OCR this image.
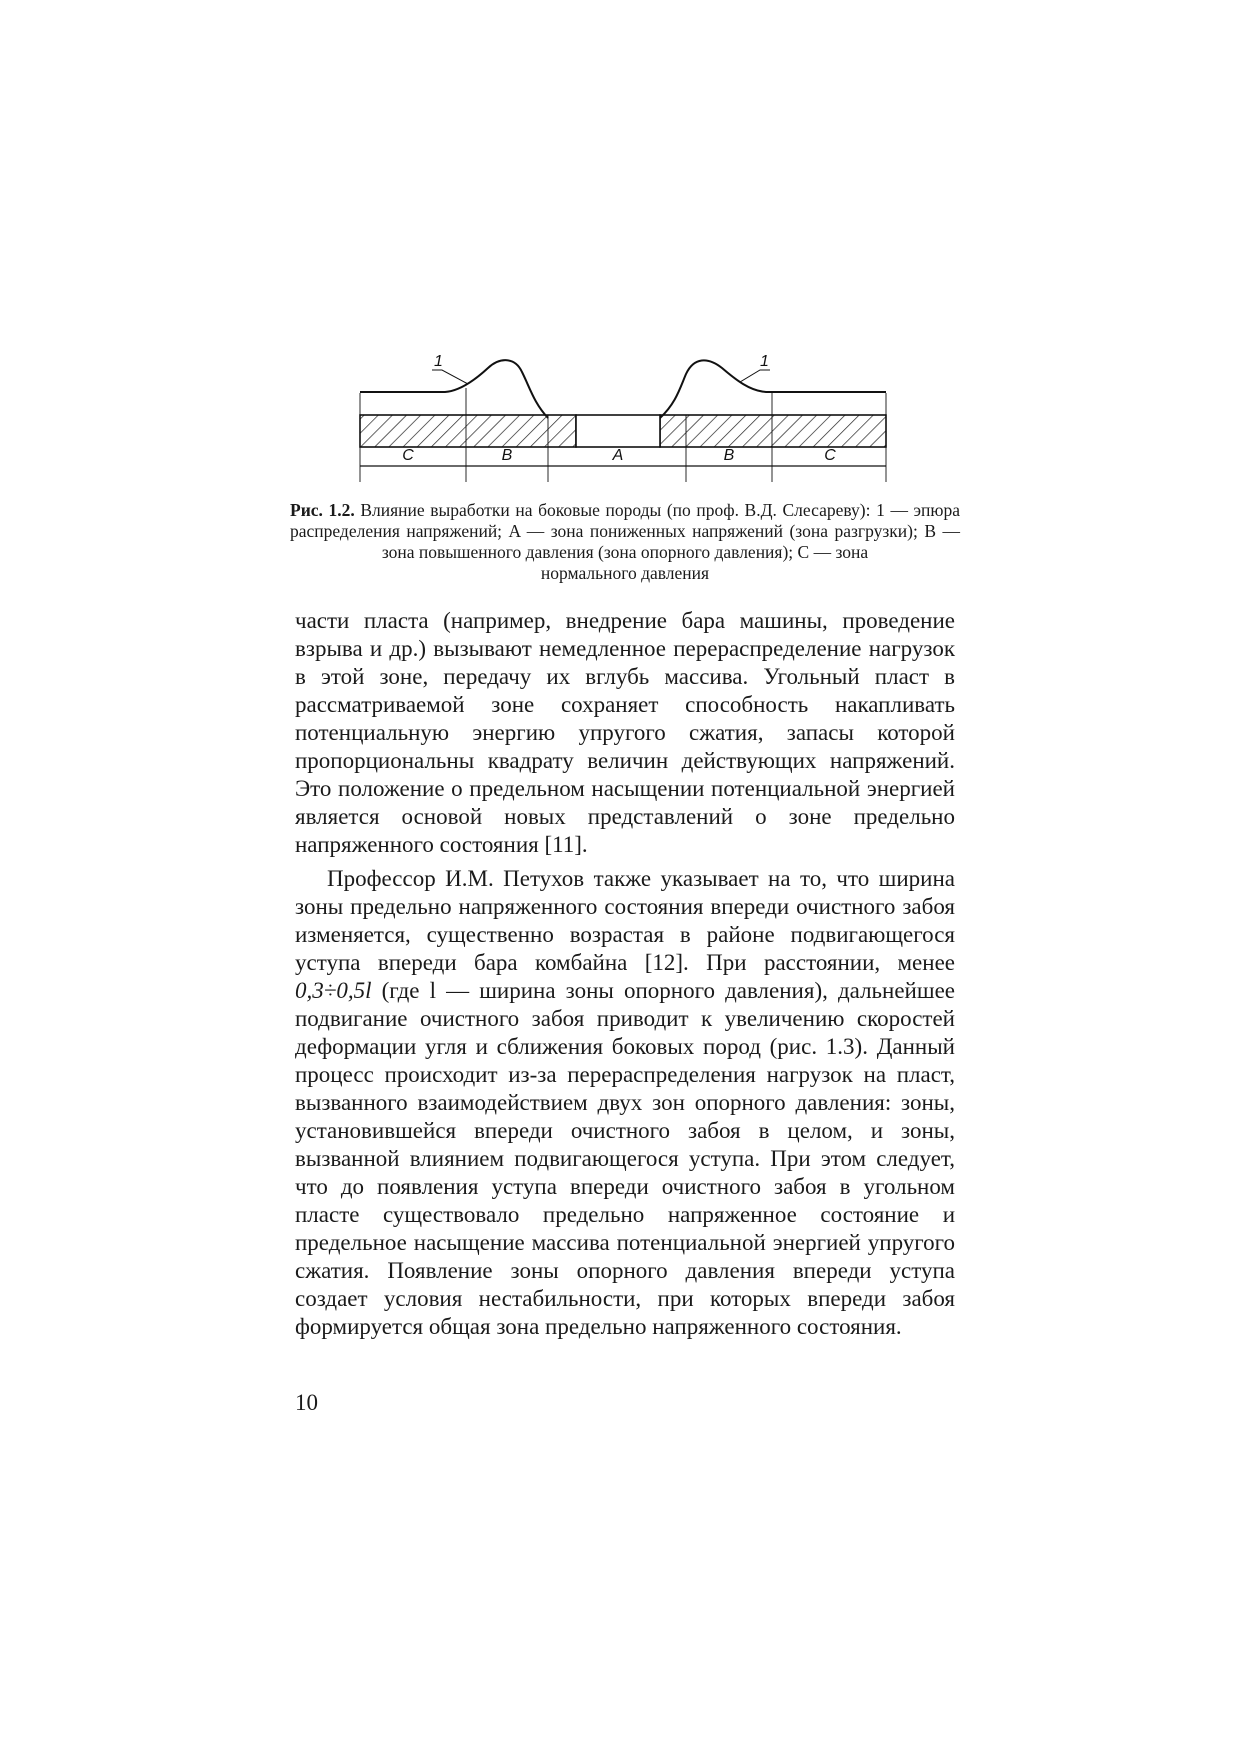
1	1
C	B	A	B	C
Рис. 1.2. Влияние выработки на боковые породы (по проф. В.Д. Слесареву): 1 — эпюра распределения напряжений; A — зона пониженных напряжений (зона разгрузки); B — зона повышенного давления (зона опорного давления); C — зона
нормального давления

части пласта (например, внедрение бара машины, проведение взрыва и др.) вызывают немедленное перераспределение нагрузок в этой зоне, передачу их вглубь массива. Угольный пласт в рассматриваемой зоне сохраняет способность накапливать потенциальную энергию упругого сжатия, запасы которой пропорциональны квадрату величин действующих напряжений. Это положение о предельном насыщении потенциальной энергией является основой новых представлений о зоне предельно напряженного состояния [11].

Профессор И.М. Петухов также указывает на то, что ширина зоны предельно напряженного состояния впереди очистного забоя изменяется, существенно возрастая в районе подвигающегося уступа впереди бара комбайна [12]. При расстоянии, менее 0,3÷0,5l (где l — ширина зоны опорного давления), дальнейшее подвигание очистного забоя приводит к увеличению скоростей деформации угля и сближения боковых пород (рис. 1.3). Данный процесс происходит из-за перераспределения нагрузок на пласт, вызванного взаимодействием двух зон опорного давления: зоны, установившейся впереди очистного забоя в целом, и зоны, вызванной влиянием подвигающегося уступа. При этом следует, что до появления уступа впереди очистного забоя в угольном пласте существовало предельно напряженное состояние и предельное насыщение массива потенциальной энергией упругого сжатия. Появление зоны опорного давления впереди уступа создает условия нестабильности, при которых впереди забоя формируется общая зона предельно напряженного состояния.

10
